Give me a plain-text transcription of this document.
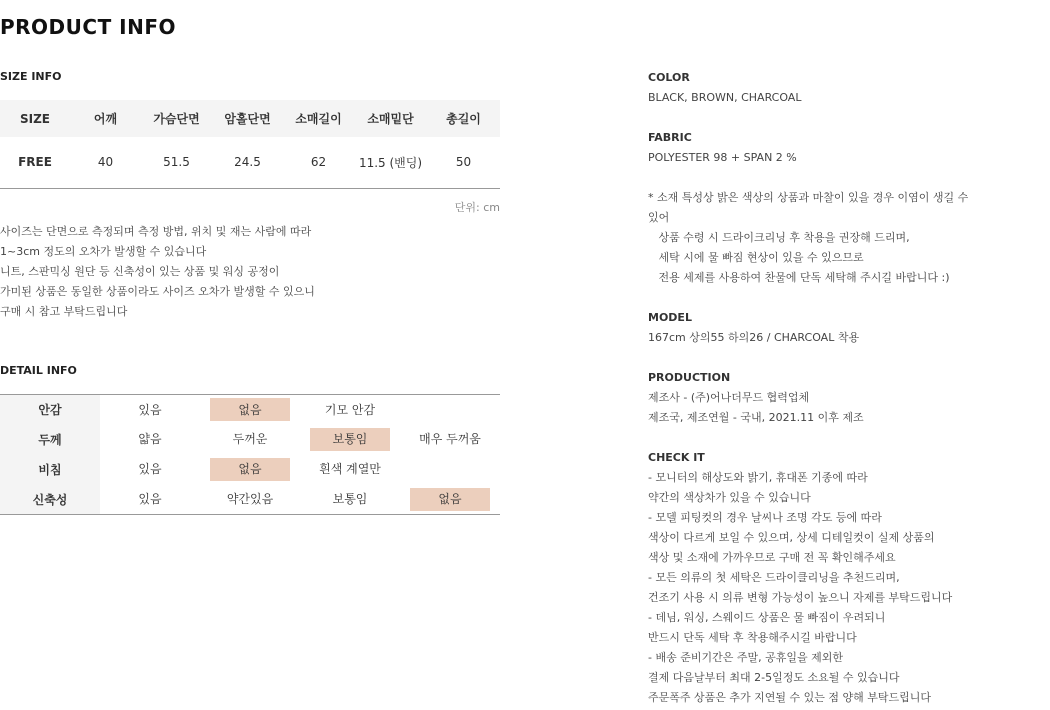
PRODUCT INFO
SIZE INFO
SIZE	어깨	가슴단면	암홀단면	소매길이	소매밑단	총길이
FREE	40	51.5	24.5	62	11.5 (밴딩)	50
단위: cm

사이즈는 단면으로 측정되며 측정 방법, 위치 및 재는 사람에 따라

1~3cm 정도의 오차가 발생할 수 있습니다

니트, 스판믹싱 원단 등 신축성이 있는 상품 및 워싱 공정이

가미된 상품은 동일한 상품이라도 사이즈 오차가 발생할 수 있으니

구매 시 참고 부탁드립니다

DETAIL INFO
안감	있음	없음	기모 안감
두께	얇음	두꺼운	보통임	매우 두꺼움
비침	있음	없음	흰색 계열만
신축성	있음	약간있음	보통임	없음
COLOR
BLACK, BROWN, CHARCOAL
FABRIC
POLYESTER 98 + SPAN 2 %
* 소재 특성상 밝은 색상의 상품과 마찰이 있을 경우 이염이 생길 수
있어
상품 수령 시 드라이크리닝 후 착용을 권장해 드리며,
세탁 시에 물 빠짐 현상이 있을 수 있으므로
전용 세제를 사용하여 찬물에 단독 세탁해 주시길 바랍니다 :)
MODEL
167cm 상의55 하의26 / CHARCOAL 착용
PRODUCTION
제조사 - (주)어나더무드 협력업체
제조국, 제조연월 - 국내, 2021.11 이후 제조
CHECK IT
- 모니터의 해상도와 밝기, 휴대폰 기종에 따라
약간의 색상차가 있을 수 있습니다
- 모델 피팅컷의 경우 날씨나 조명 각도 등에 따라
색상이 다르게 보일 수 있으며, 상세 디테일컷이 실제 상품의
색상 및 소재에 가까우므로 구매 전 꼭 확인해주세요
- 모든 의류의 첫 세탁은 드라이클리닝을 추천드리며,
건조기 사용 시 의류 변형 가능성이 높으니 자제를 부탁드립니다
- 데님, 워싱, 스웨이드 상품은 물 빠짐이 우려되니
반드시 단독 세탁 후 착용해주시길 바랍니다
- 배송 준비기간은 주말, 공휴일을 제외한
결제 다음날부터 최대 2-5일정도 소요될 수 있습니다
주문폭주 상품은 추가 지연될 수 있는 점 양해 부탁드립니다
